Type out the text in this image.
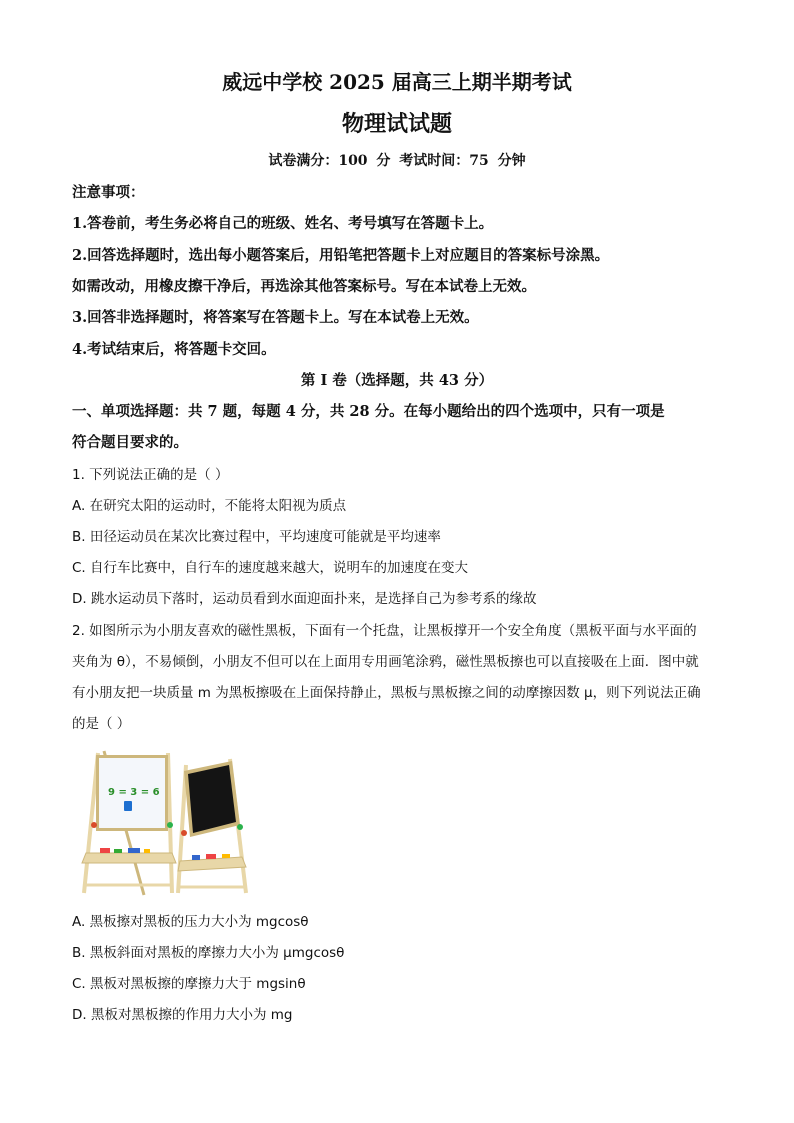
威远中学校 2025 届高三上期半期考试
物理试试题
试卷满分：100 分 考试时间：75 分钟
注意事项：
1.答卷前，考生务必将自己的班级、姓名、考号填写在答题卡上。
2.回答选择题时，选出每小题答案后，用铅笔把答题卡上对应题目的答案标号涂黑。
如需改动，用橡皮擦干净后，再选涂其他答案标号。写在本试卷上无效。
3.回答非选择题时，将答案写在答题卡上。写在本试卷上无效。
4.考试结束后，将答题卡交回。
第 I 卷（选择题，共 43 分）
一、单项选择题：共 7 题，每题 4 分，共 28 分。在每小题给出的四个选项中，只有一项是
符合题目要求的。
1. 下列说法正确的是（ ）
A. 在研究太阳的运动时，不能将太阳视为质点
B. 田径运动员在某次比赛过程中，平均速度可能就是平均速率
C. 自行车比赛中，自行车的速度越来越大，说明车的加速度在变大
D. 跳水运动员下落时，运动员看到水面迎面扑来，是选择自己为参考系的缘故
2. 如图所示为小朋友喜欢的磁性黑板，下面有一个托盘，让黑板撑开一个安全角度（黑板平面与水平面的
夹角为 θ），不易倾倒，小朋友不但可以在上面用专用画笔涂鸦，磁性黑板擦也可以直接吸在上面．图中就
有小朋友把一块质量 m 为黑板擦吸在上面保持静止，黑板与黑板擦之间的动摩擦因数 μ，则下列说法正确
的是（ ）
9 = 3 = 6
A. 黑板擦对黑板的压力大小为 mgcosθ
B. 黑板斜面对黑板的摩擦力大小为 μmgcosθ
C. 黑板对黑板擦的摩擦力大于 mgsinθ
D. 黑板对黑板擦的作用力大小为 mg
